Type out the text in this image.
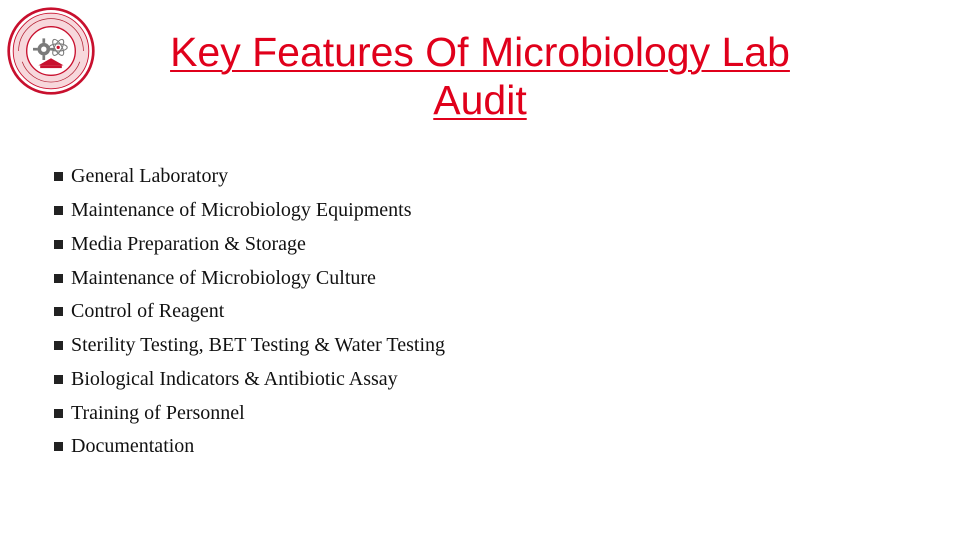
Key Features Of Microbiology Lab
Audit
General Laboratory
Maintenance of Microbiology Equipments
Media Preparation & Storage
Maintenance of Microbiology Culture
Control of Reagent
Sterility Testing, BET Testing & Water Testing
Biological Indicators & Antibiotic Assay
Training of Personnel
Documentation
